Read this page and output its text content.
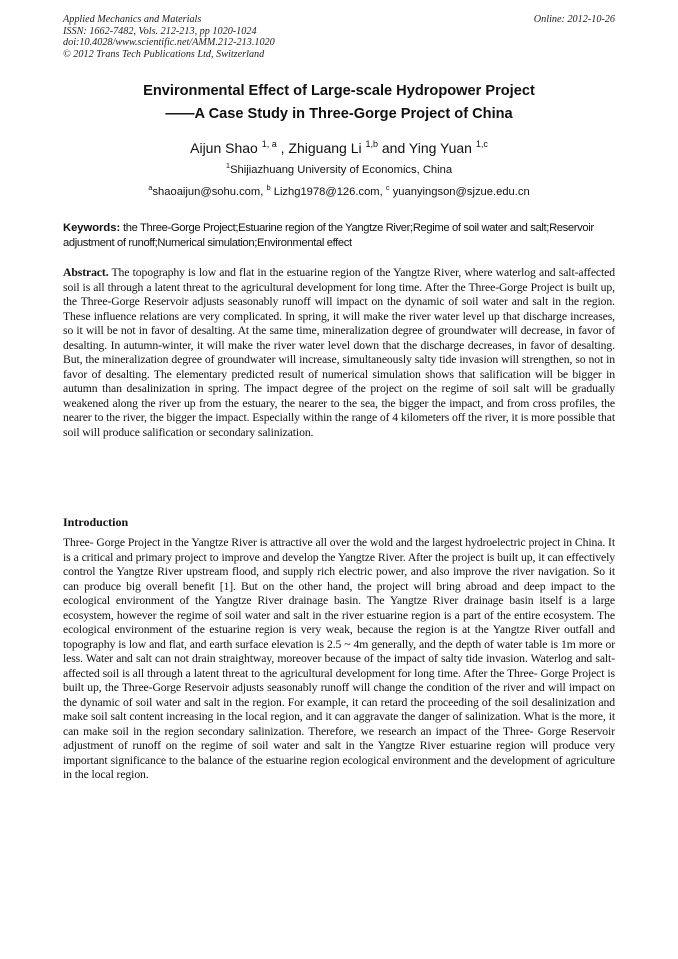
Applied Mechanics and Materials
ISSN: 1662-7482, Vols. 212-213, pp 1020-1024
doi:10.4028/www.scientific.net/AMM.212-213.1020
© 2012 Trans Tech Publications Ltd, Switzerland
Online: 2012-10-26
Environmental Effect of Large-scale Hydropower Project
——A Case Study in Three-Gorge Project of China
Aijun Shao $^{1, a}$ , Zhiguang Li $^{1,b}$ and Ying Yuan $^{1,c}$
$^1$Shijiazhuang University of Economics, China
$^a$shaoaijun@sohu.com, $^b$ Lizhg1978@126.com, $^c$ yuanyingson@sjzue.edu.cn
Keywords: the Three-Gorge Project;Estuarine region of the Yangtze River;Regime of soil water and salt;Reservoir adjustment of runoff;Numerical simulation;Environmental effect
Abstract. The topography is low and flat in the estuarine region of the Yangtze River, where waterlog and salt-affected soil is all through a latent threat to the agricultural development for long time. After the Three-Gorge Project is built up, the Three-Gorge Reservoir adjusts seasonably runoff will impact on the dynamic of soil water and salt in the region. These influence relations are very complicated. In spring, it will make the river water level up that discharge increases, so it will be not in favor of desalting. At the same time, mineralization degree of groundwater will decrease, in favor of desalting. In autumn-winter, it will make the river water level down that the discharge decreases, in favor of desalting. But, the mineralization degree of groundwater will increase, simultaneously salty tide invasion will strengthen, so not in favor of desalting. The elementary predicted result of numerical simulation shows that salification will be bigger in autumn than desalinization in spring. The impact degree of the project on the regime of soil salt will be gradually weakened along the river up from the estuary, the nearer to the sea, the bigger the impact, and from cross profiles, the nearer to the river, the bigger the impact. Especially within the range of 4 kilometers off the river, it is more possible that soil will produce salification or secondary salinization.
Introduction
Three- Gorge Project in the Yangtze River is attractive all over the wold and the largest hydroelectric project in China. It is a critical and primary project to improve and develop the Yangtze River. After the project is built up, it can effectively control the Yangtze River upstream flood, and supply rich electric power, and also improve the river navigation. So it can produce big overall benefit [1]. But on the other hand, the project will bring abroad and deep impact to the ecological environment of the Yangtze River drainage basin. The Yangtze River drainage basin itself is a large ecosystem, however the regime of soil water and salt in the river estuarine region is a part of the entire ecosystem. The ecological environment of the estuarine region is very weak, because the region is at the Yangtze River outfall and topography is low and flat, and earth surface elevation is 2.5 ~ 4m generally, and the depth of water table is 1m more or less. Water and salt can not drain straightway, moreover because of the impact of salty tide invasion. Waterlog and salt-affected soil is all through a latent threat to the agricultural development for long time. After the Three- Gorge Project is built up, the Three-Gorge Reservoir adjusts seasonably runoff will change the condition of the river and will impact on the dynamic of soil water and salt in the region. For example, it can retard the proceeding of the soil desalinization and make soil salt content increasing in the local region, and it can aggravate the danger of salinization. What is the more, it can make soil in the region secondary salinization. Therefore, we research an impact of the Three- Gorge Reservoir adjustment of runoff on the regime of soil water and salt in the Yangtze River estuarine region will produce very important significance to the balance of the estuarine region ecological environment and the development of agriculture in the local region.
